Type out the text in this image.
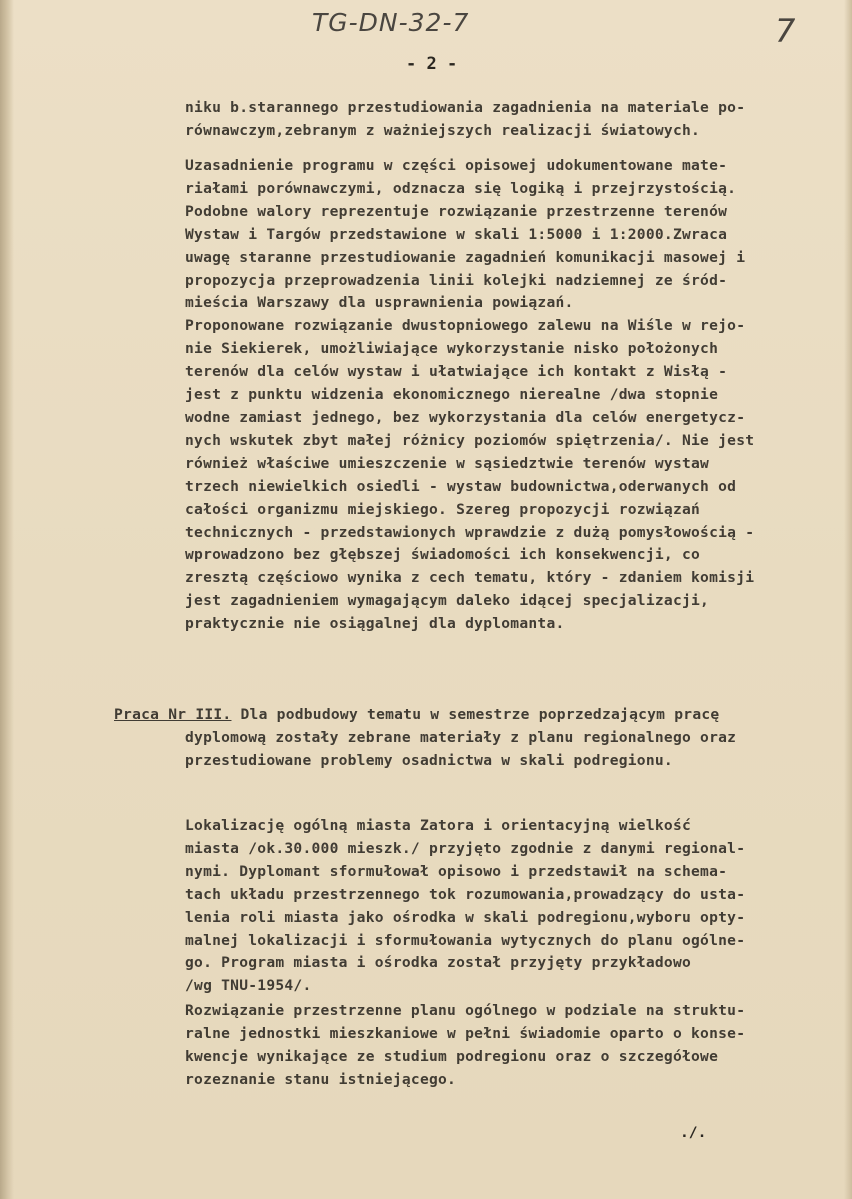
TG-DN-32-7	7
- 2 -
niku b.starannego przestudiowania zagadnienia na materiale po-
równawczym,zebranym z ważniejszych realizacji światowych.
Uzasadnienie programu w części opisowej udokumentowane mate-
riałami porównawczymi, odznacza się logiką i przejrzystością.
Podobne walory reprezentuje rozwiązanie przestrzenne terenów
Wystaw i Targów przedstawione w skali 1:5000 i 1:2000.Zwraca
uwagę staranne przestudiowanie zagadnień komunikacji masowej i
propozycja przeprowadzenia linii kolejki nadziemnej ze śród-
mieścia Warszawy dla usprawnienia powiązań.
Proponowane rozwiązanie dwustopniowego zalewu na Wiśle w rejo-
nie Siekierek, umożliwiające wykorzystanie nisko położonych
terenów dla celów wystaw i ułatwiające ich kontakt z Wisłą -
jest z punktu widzenia ekonomicznego nierealne /dwa stopnie
wodne zamiast jednego, bez wykorzystania dla celów energetycz-
nych wskutek zbyt małej różnicy poziomów spiętrzenia/. Nie jest
również właściwe umieszczenie w sąsiedztwie terenów wystaw
trzech niewielkich osiedli - wystaw budownictwa,oderwanych od
całości organizmu miejskiego. Szereg propozycji rozwiązań
technicznych - przedstawionych wprawdzie z dużą pomysłowością -
wprowadzono bez głębszej świadomości ich konsekwencji, co
zresztą częściowo wynika z cech tematu, który - zdaniem komisji
jest zagadnieniem wymagającym daleko idącej specjalizacji,
praktycznie nie osiągalnej dla dyplomanta.
Praca Nr III. Dla podbudowy tematu w semestrze poprzedzającym pracę
dyplomową zostały zebrane materiały z planu regionalnego oraz
przestudiowane problemy osadnictwa w skali podregionu.
Lokalizację ogólną miasta Zatora i orientacyjną wielkość
miasta /ok.30.000 mieszk./ przyjęto zgodnie z danymi regional-
nymi. Dyplomant sformułował opisowo i przedstawił na schema-
tach układu przestrzennego tok rozumowania,prowadzący do usta-
lenia roli miasta jako ośrodka w skali podregionu,wyboru opty-
malnej lokalizacji i sformułowania wytycznych do planu ogólne-
go. Program miasta i ośrodka został przyjęty przykładowo
/wg TNU-1954/.
Rozwiązanie przestrzenne planu ogólnego w podziale na struktu-
ralne jednostki mieszkaniowe w pełni świadomie oparto o konse-
kwencje wynikające ze studium podregionu oraz o szczegółowe
rozeznanie stanu istniejącego.
./.
